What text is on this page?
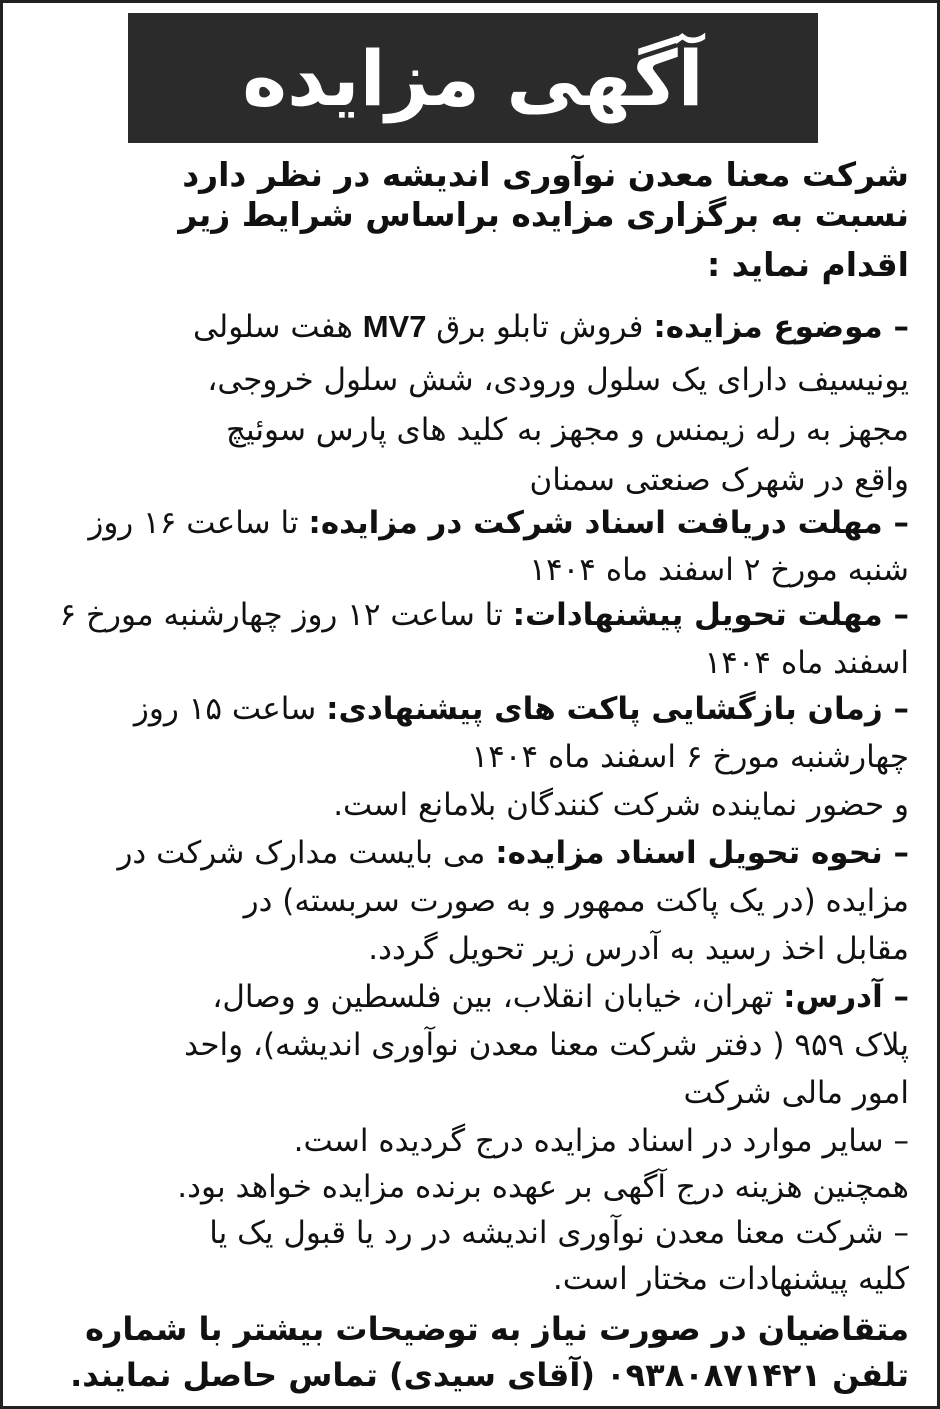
آگهی مزایده
شرکت معنا معدن نوآوری اندیشه در نظر دارد
نسبت به برگزاری مزایده براساس شرایط زیر
اقدام نماید :
– موضوع مزایده: فروش تابلو برق MV7 هفت سلولی
یونیسیف دارای یک سلول ورودی، شش سلول خروجی،
مجهز به رله زیمنس و مجهز به کلید های پارس سوئیچ
واقع در شهرک صنعتی سمنان
– مهلت دریافت اسناد شرکت در مزایده: تا ساعت ۱۶ روز
شنبه مورخ ۲ اسفند ماه ۱۴۰۴
– مهلت تحویل پیشنهادات: تا ساعت ۱۲ روز چهارشنبه مورخ ۶
اسفند ماه ۱۴۰۴
– زمان بازگشایی پاکت های پیشنهادی: ساعت ۱۵ روز
چهارشنبه مورخ ۶ اسفند ماه ۱۴۰۴
و حضور نماینده شرکت کنندگان بلامانع است.
– نحوه تحویل اسناد مزایده: می بایست مدارک شرکت در
مزایده (در یک پاکت ممهور و به صورت سربسته) در
مقابل اخذ رسید به آدرس زیر تحویل گردد.
– آدرس: تهران، خیابان انقلاب، بین فلسطین و وصال،
پلاک ۹۵۹ ( دفتر شرکت معنا معدن نوآوری اندیشه)، واحد
امور مالی شرکت
– سایر موارد در اسناد مزایده درج گردیده است.
همچنین هزینه درج آگهی بر عهده برنده مزایده خواهد بود.
– شرکت معنا معدن نوآوری اندیشه در رد یا قبول یک یا
کلیه پیشنهادات مختار است.
متقاضیان در صورت نیاز به توضیحات بیشتر با شماره
تلفن ۰۹۳۸۰۸۷۱۴۲۱ (آقای سیدی) تماس حاصل نمایند.
